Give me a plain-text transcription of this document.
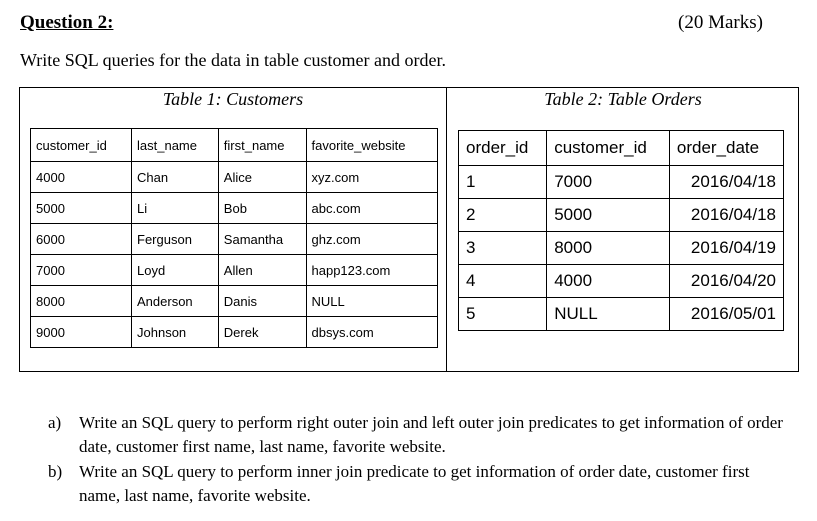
Question 2:	(20 Marks)
Write SQL queries for the data in table customer and order.
Table 1: Customers	Table 2: Table Orders
customer_id	last_name	first_name	favorite_website
4000	Chan	Alice	xyz.com
5000	Li	Bob	abc.com
6000	Ferguson	Samantha	ghz.com
7000	Loyd	Allen	happ123.com
8000	Anderson	Danis	NULL
9000	Johnson	Derek	dbsys.com
order_id	customer_id	order_date
1	7000	2016/04/18
2	5000	2016/04/18
3	8000	2016/04/19
4	4000	2016/04/20
5	NULL	2016/05/01
a)	Write an SQL query to perform right outer join and left outer join predicates to get information of order date, customer first name, last name, favorite website.
b) Write an SQL query to perform inner join predicate to get information of order date, customer first name, last name, favorite website.
